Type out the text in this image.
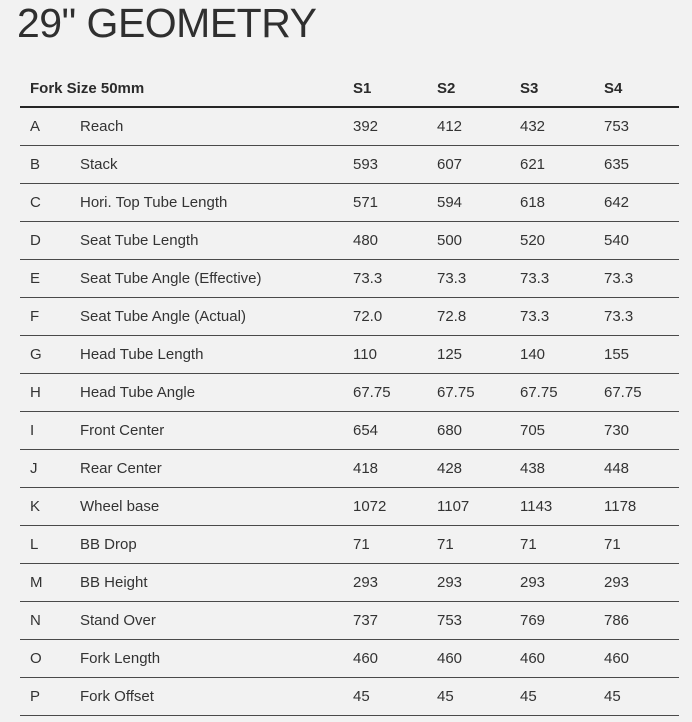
29" GEOMETRY
Fork Size 50mm	S1	S2	S3	S4
A	Reach	392	412	432	753
B	Stack	593	607	621	635
C	Hori. Top Tube Length	571	594	618	642
D	Seat Tube Length	480	500	520	540
E	Seat Tube Angle (Effective)	73.3	73.3	73.3	73.3
F	Seat Tube Angle (Actual)	72.0	72.8	73.3	73.3
G	Head Tube Length	110	125	140	155
H	Head Tube Angle	67.75	67.75	67.75	67.75
I	Front Center	654	680	705	730
J	Rear Center	418	428	438	448
K	Wheel base	1072	1107	1143	1178
L	BB Drop	71	71	71	71
M	BB Height	293	293	293	293
N	Stand Over	737	753	769	786
O	Fork Length	460	460	460	460
P	Fork Offset	45	45	45	45
